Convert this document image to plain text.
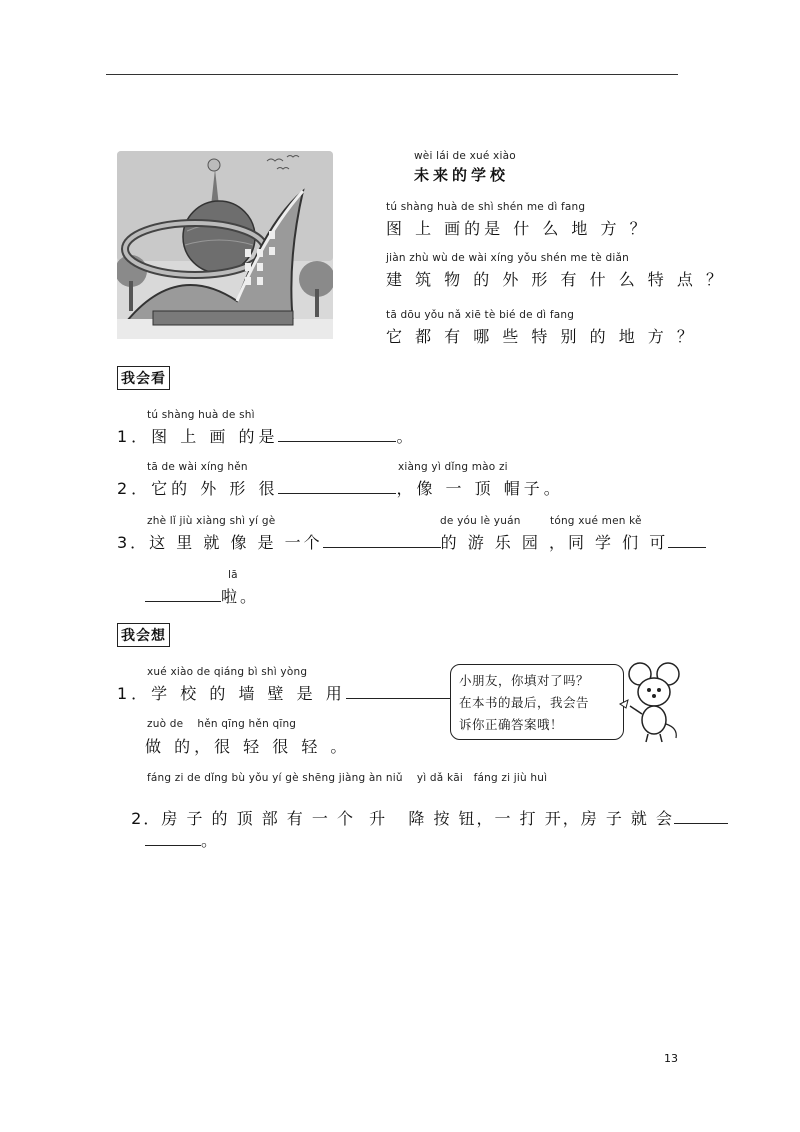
wèi lái de xué xiào
未来的学校
tú shàng huà de shì shén me dì fang
图 上 画的是 什 么 地 方 ？
jiàn zhù wù de wài xíng yǒu shén me tè diǎn
建 筑 物 的 外 形 有 什 么 特 点 ？
tā dōu yǒu nǎ xiē tè bié de dì fang
它 都 有 哪 些 特 别 的 地 方 ？
我会看
tú shàng huà de shì
1．图 上 画 的是	。
tā de wài xíng hěn	xiàng yì dǐng mào zi
2．它的 外 形 很	，像 一 顶 帽子。
zhè lǐ jiù xiàng shì yí gè	de yóu lè yuán	tóng xué men kě
3．这 里 就 像 是 一个	的 游 乐 园 ，同 学 们 可
lā
啦。
我会想
xué xiào de qiáng bì shì yòng
1．学 校 的 墙 壁 是 用
zuò de    hěn qīng hěn qīng
做 的，很 轻 很 轻 。
fáng zi de dǐng bù yǒu yí gè shēng jiàng àn niǔ    yì dǎ kāi   fáng zi jiù huì

2．房 子 的 顶 部 有 一 个  升   降 按 钮，一 打 开，房 子 就 会

。
小朋友，你填对了吗？
在本书的最后，我会告
诉你正确答案哦！
13
